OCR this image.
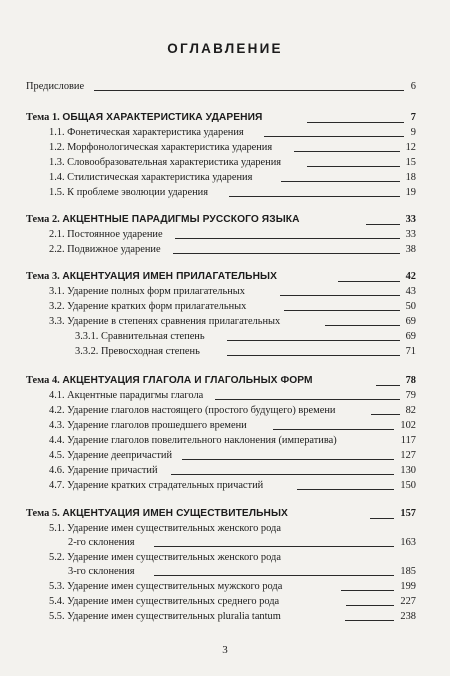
ОГЛАВЛЕНИЕ
Предисловие	6
Тема 1. ОБЩАЯ ХАРАКТЕРИСТИКА УДАРЕНИЯ	7
1.1. Фонетическая характеристика ударения	9
1.2. Морфонологическая характеристика ударения	12
1.3. Словообразовательная характеристика ударения	15
1.4. Стилистическая характеристика ударения	18
1.5. К проблеме эволюции ударения	19
Тема 2. АКЦЕНТНЫЕ ПАРАДИГМЫ РУССКОГО ЯЗЫКА	33
2.1. Постоянное ударение	33
2.2. Подвижное ударение	38
Тема 3. АКЦЕНТУАЦИЯ ИМЕН ПРИЛАГАТЕЛЬНЫХ	42
3.1. Ударение полных форм прилагательных	43
3.2. Ударение кратких форм прилагательных	50
3.3. Ударение в степенях сравнения прилагательных	69
3.3.1. Сравнительная степень	69
3.3.2. Превосходная степень	71
Тема 4. АКЦЕНТУАЦИЯ ГЛАГОЛА И ГЛАГОЛЬНЫХ ФОРМ	78
4.1. Акцентные парадигмы глагола	79
4.2. Ударение глаголов настоящего (простого будущего) времени	82
4.3. Ударение глаголов прошедшего времени	102
4.4. Ударение глаголов повелительного наклонения (императива)	117
4.5. Ударение деепричастий	127
4.6. Ударение причастий	130
4.7. Ударение кратких страдательных причастий	150
Тема 5. АКЦЕНТУАЦИЯ ИМЕН СУЩЕСТВИТЕЛЬНЫХ	157
5.1. Ударение имен существительных женского рода
2-го склонения	163
5.2. Ударение имен существительных женского рода
3-го склонения	185
5.3. Ударение имен существительных мужского рода	199
5.4. Ударение имен существительных среднего рода	227
5.5. Ударение имен существительных pluralia tantum	238
3
